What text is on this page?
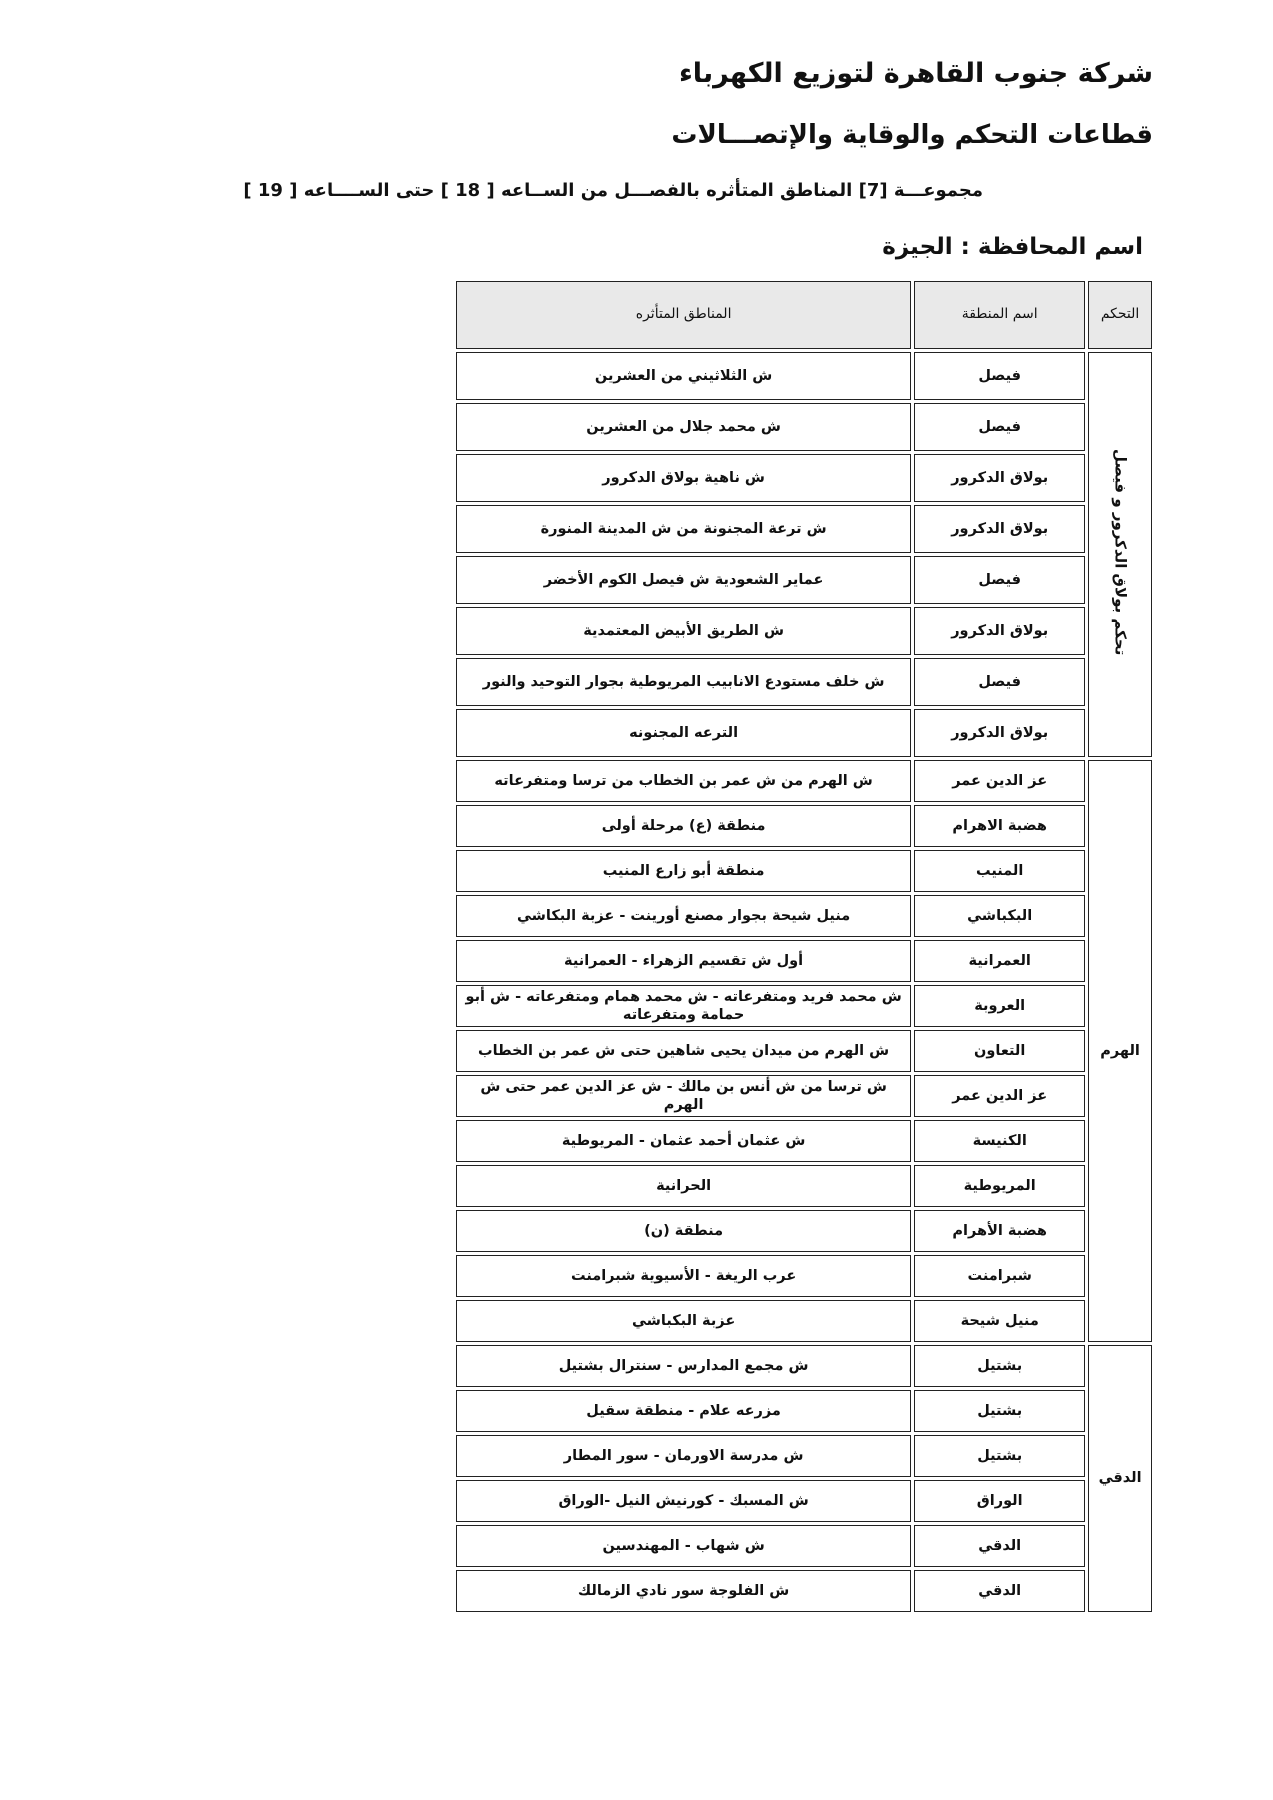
شركة جنوب القاهرة لتوزيع الكهرباء
قطاعات التحكم والوقاية والإتصـــالات

مجموعـــة [7] المناطق المتأثره بالفصـــل من الســاعه [ 18 ] حتى الســــاعه [ 19 ]

اسم المحافظة : الجيزة

التحكم	اسم المنطقة	المناطق المتأثره
تحكم بولاق الدكرور و فيصل	فيصل	ش الثلاثيني من العشرين
	فيصل	ش محمد جلال من العشرين
	بولاق الدكرور	ش ناهية بولاق الدكرور
	بولاق الدكرور	ش ترعة المجنونة من ش المدينة المنورة
	فيصل	عماير الشعودية ش فيصل الكوم الأخضر
	بولاق الدكرور	ش الطريق الأبيض المعتمدية
	فيصل	ش خلف مستودع الانابيب المريوطية بجوار التوحيد والنور
	بولاق الدكرور	الترعه المجنونه
الهرم	عز الدين عمر	ش الهرم من ش عمر بن الخطاب من ترسا ومتفرعاته
	هضبة الاهرام	منطقة (ع) مرحلة أولى
	المنيب	منطقة أبو زارع المنيب
	البكباشي	منيل شيحة بجوار مصنع أورينت - عزبة البكاشي
	العمرانية	أول ش تقسيم الزهراء - العمرانية
	العروبة	ش محمد فريد ومتفرعاته - ش محمد همام ومتفرعاته - ش أبو حمامة ومتفرعاته
	التعاون	ش الهرم من ميدان يحيى شاهين حتى ش عمر بن الخطاب
	عز الدين عمر	ش ترسا من ش أنس بن مالك - ش عز الدين عمر حتى ش الهرم
	الكنيسة	ش عثمان أحمد عثمان - المريوطية
	المريوطية	الحرانية
	هضبة الأهرام	منطقة (ن)
	شبرامنت	عرب الريغة - الأسيوية شبرامنت
	منيل شيحة	عزبة البكباشي
الدقي	بشتيل	ش مجمع المدارس - سنترال بشتيل
	بشتيل	مزرعه علام - منطقة سقيل
	بشتيل	ش مدرسة الاورمان - سور المطار
	الوراق	ش المسبك - كورنيش النيل -الوراق
	الدقي	ش شهاب - المهندسين
	الدقي	ش الفلوجة سور نادي الزمالك
